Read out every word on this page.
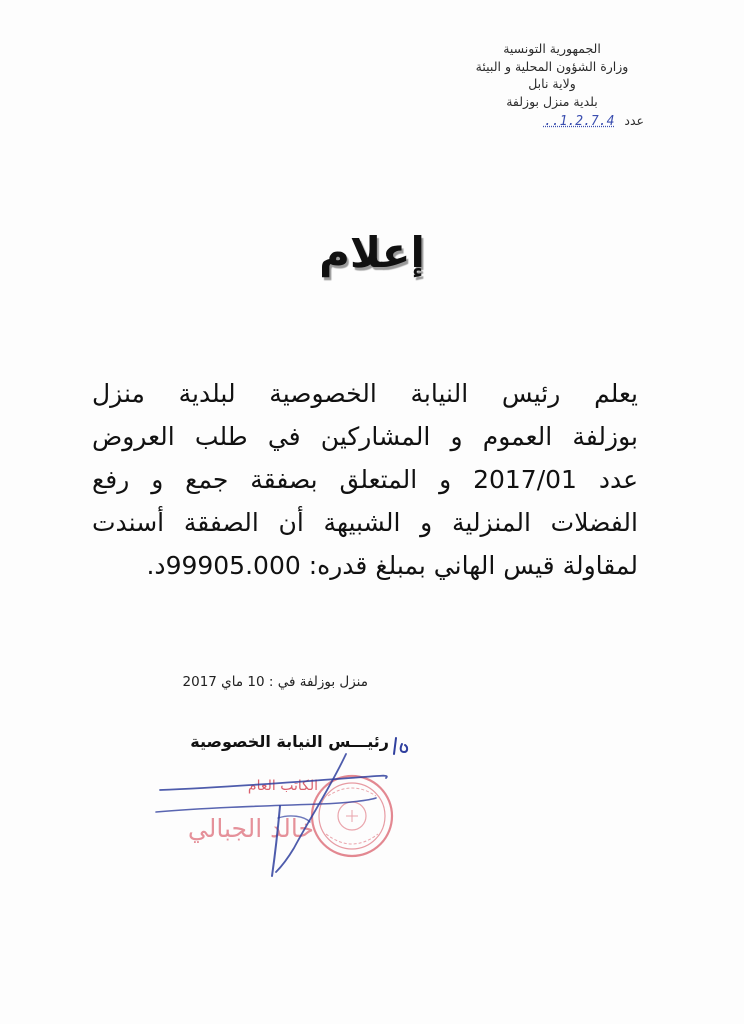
الجمهورية التونسية
وزارة الشؤون المحلية و البيئة
ولاية نابل
بلدية منزل بوزلفة
عدد ..1.2.7.4
إعلام
يعلم رئيس النيابة الخصوصية لبلدية منزل
بوزلفة العموم و المشاركين في طلب العروض
عدد 2017/01 و المتعلق بصفقة جمع و رفع
الفضلات المنزلية و الشبيهة أن الصفقة أسندت
لمقاولة قيس الهاني بمبلغ قدره: 99905.000د.
منزل بوزلفة في : 10 ماي 2017
رئيـــس النيابة الخصوصية
الكاتب العام
خالد الجبالي
